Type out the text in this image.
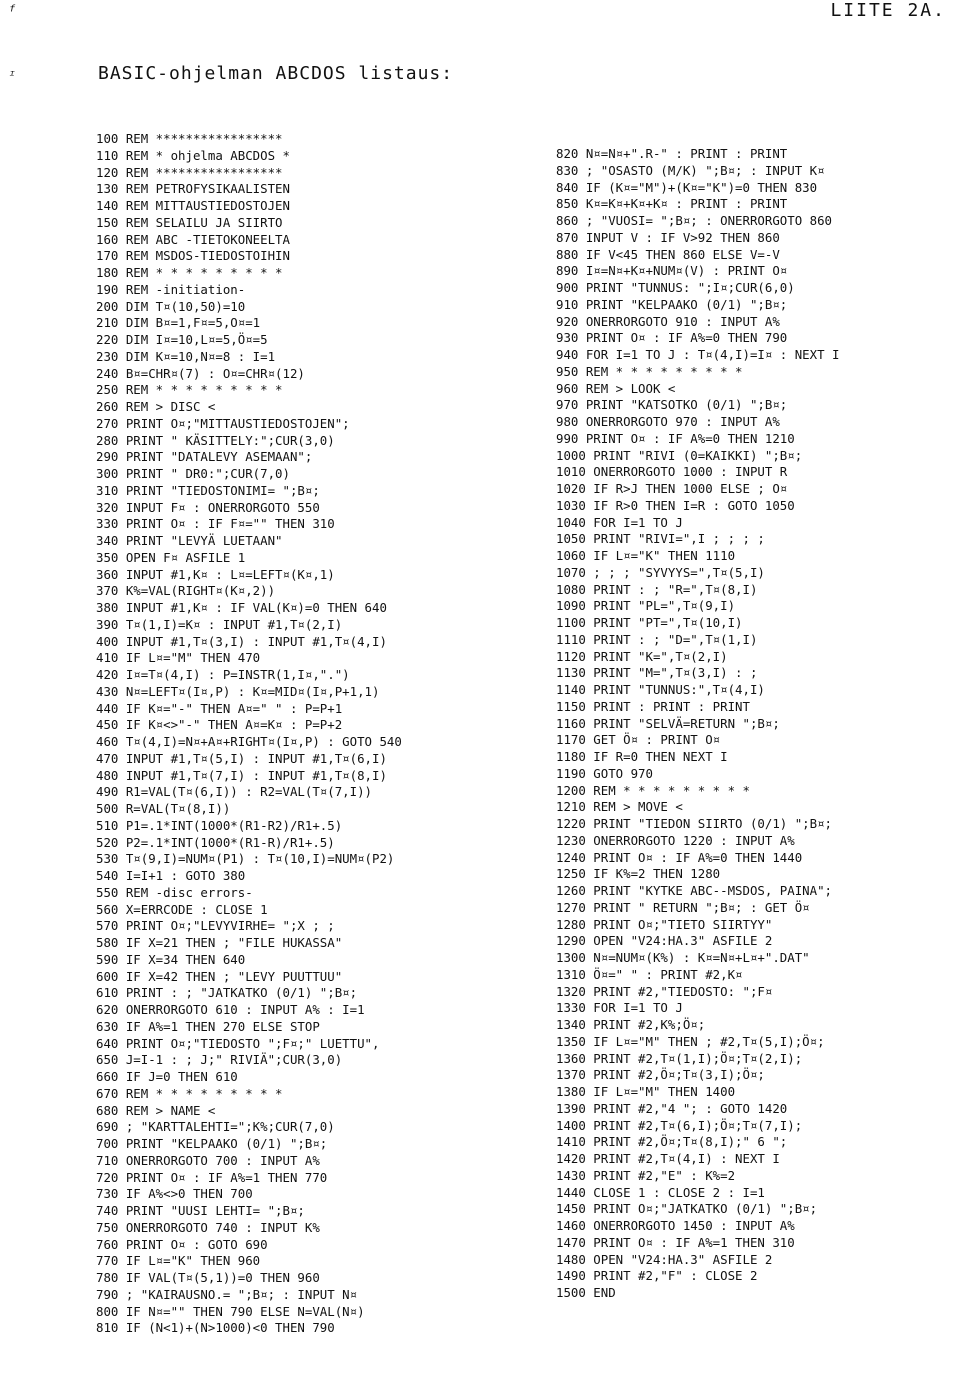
ᶠ	LIITE 2A.
ᶦ	BASIC-ohjelman ABCDOS listaus:
100 REM *****************
110 REM * ohjelma ABCDOS *
120 REM *****************
130 REM PETROFYSIKAALISTEN
140 REM MITTAUSTIEDOSTOJEN
150 REM SELAILU JA SIIRTO
160 REM ABC -TIETOKONEELTA
170 REM MSDOS-TIEDOSTOIHIN
180 REM * * * * * * * * *
190 REM -initiation-
200 DIM T¤(10,50)=10
210 DIM B¤=1,F¤=5,O¤=1
220 DIM I¤=10,L¤=5,Ö¤=5
230 DIM K¤=10,N¤=8 : I=1
240 B¤=CHR¤(7) : O¤=CHR¤(12)
250 REM * * * * * * * * *
260 REM > DISC <
270 PRINT O¤;"MITTAUSTIEDOSTOJEN";
280 PRINT " KÄSITTELY:";CUR(3,0)
290 PRINT "DATALEVY ASEMAAN";
300 PRINT " DR0:";CUR(7,0)
310 PRINT "TIEDOSTONIMI= ";B¤;
320 INPUT F¤ : ONERRORGOTO 550
330 PRINT O¤ : IF F¤="" THEN 310
340 PRINT "LEVYÄ LUETAAN"
350 OPEN F¤ ASFILE 1
360 INPUT #1,K¤ : L¤=LEFT¤(K¤,1)
370 K%=VAL(RIGHT¤(K¤,2))
380 INPUT #1,K¤ : IF VAL(K¤)=0 THEN 640
390 T¤(1,I)=K¤ : INPUT #1,T¤(2,I)
400 INPUT #1,T¤(3,I) : INPUT #1,T¤(4,I)
410 IF L¤="M" THEN 470
420 I¤=T¤(4,I) : P=INSTR(1,I¤,".")
430 N¤=LEFT¤(I¤,P) : K¤=MID¤(I¤,P+1,1)
440 IF K¤="-" THEN A¤=" " : P=P+1
450 IF K¤<>"-" THEN A¤=K¤ : P=P+2
460 T¤(4,I)=N¤+A¤+RIGHT¤(I¤,P) : GOTO 540
470 INPUT #1,T¤(5,I) : INPUT #1,T¤(6,I)
480 INPUT #1,T¤(7,I) : INPUT #1,T¤(8,I)
490 R1=VAL(T¤(6,I)) : R2=VAL(T¤(7,I))
500 R=VAL(T¤(8,I))
510 P1=.1*INT(1000*(R1-R2)/R1+.5)
520 P2=.1*INT(1000*(R1-R)/R1+.5)
530 T¤(9,I)=NUM¤(P1) : T¤(10,I)=NUM¤(P2)
540 I=I+1 : GOTO 380
550 REM -disc errors-
560 X=ERRCODE : CLOSE 1
570 PRINT O¤;"LEVYVIRHE= ";X ; ;
580 IF X=21 THEN ; "FILE HUKASSA"
590 IF X=34 THEN 640
600 IF X=42 THEN ; "LEVY PUUTTUU"
610 PRINT : ; "JATKATKO (0/1) ";B¤;
620 ONERRORGOTO 610 : INPUT A% : I=1
630 IF A%=1 THEN 270 ELSE STOP
640 PRINT O¤;"TIEDOSTO ";F¤;" LUETTU",
650 J=I-1 : ; J;" RIVIÄ";CUR(3,0)
660 IF J=0 THEN 610
670 REM * * * * * * * * *
680 REM > NAME <
690 ; "KARTTALEHTI=";K%;CUR(7,0)
700 PRINT "KELPAAKO (0/1) ";B¤;
710 ONERRORGOTO 700 : INPUT A%
720 PRINT O¤ : IF A%=1 THEN 770
730 IF A%<>0 THEN 700
740 PRINT "UUSI LEHTI= ";B¤;
750 ONERRORGOTO 740 : INPUT K%
760 PRINT O¤ : GOTO 690
770 IF L¤="K" THEN 960
780 IF VAL(T¤(5,1))=0 THEN 960
790 ; "KAIRAUSNO.= ";B¤; : INPUT N¤
800 IF N¤="" THEN 790 ELSE N=VAL(N¤)
810 IF (N<1)+(N>1000)<0 THEN 790
820 N¤=N¤+".R-" : PRINT : PRINT
830 ; "OSASTO (M/K) ";B¤; : INPUT K¤
840 IF (K¤="M")+(K¤="K")=0 THEN 830
850 K¤=K¤+K¤+K¤ : PRINT : PRINT
860 ; "VUOSI= ";B¤; : ONERRORGOTO 860
870 INPUT V : IF V>92 THEN 860
880 IF V<45 THEN 860 ELSE V=-V
890 I¤=N¤+K¤+NUM¤(V) : PRINT O¤
900 PRINT "TUNNUS: ";I¤;CUR(6,0)
910 PRINT "KELPAAKO (0/1) ";B¤;
920 ONERRORGOTO 910 : INPUT A%
930 PRINT O¤ : IF A%=0 THEN 790
940 FOR I=1 TO J : T¤(4,I)=I¤ : NEXT I
950 REM * * * * * * * * *
960 REM > LOOK <
970 PRINT "KATSOTKO (0/1) ";B¤;
980 ONERRORGOTO 970 : INPUT A%
990 PRINT O¤ : IF A%=0 THEN 1210
1000 PRINT "RIVI (0=KAIKKI) ";B¤;
1010 ONERRORGOTO 1000 : INPUT R
1020 IF R>J THEN 1000 ELSE ; O¤
1030 IF R>0 THEN I=R : GOTO 1050
1040 FOR I=1 TO J
1050 PRINT "RIVI=",I ; ; ; ;
1060 IF L¤="K" THEN 1110
1070 ; ; ; "SYVYYS=",T¤(5,I)
1080 PRINT : ; "R=",T¤(8,I)
1090 PRINT "PL=",T¤(9,I)
1100 PRINT "PT=",T¤(10,I)
1110 PRINT : ; "D=",T¤(1,I)
1120 PRINT "K=",T¤(2,I)
1130 PRINT "M=",T¤(3,I) : ;
1140 PRINT "TUNNUS:",T¤(4,I)
1150 PRINT : PRINT : PRINT
1160 PRINT "SELVÄ=RETURN ";B¤;
1170 GET Ö¤ : PRINT O¤
1180 IF R=0 THEN NEXT I
1190 GOTO 970
1200 REM * * * * * * * * *
1210 REM > MOVE <
1220 PRINT "TIEDON SIIRTO (0/1) ";B¤;
1230 ONERRORGOTO 1220 : INPUT A%
1240 PRINT O¤ : IF A%=0 THEN 1440
1250 IF K%=2 THEN 1280
1260 PRINT "KYTKE ABC--MSDOS, PAINA";
1270 PRINT " RETURN ";B¤; : GET Ö¤
1280 PRINT O¤;"TIETO SIIRTYY"
1290 OPEN "V24:HA.3" ASFILE 2
1300 N¤=NUM¤(K%) : K¤=N¤+L¤+".DAT"
1310 Ö¤=" " : PRINT #2,K¤
1320 PRINT #2,"TIEDOSTO: ";F¤
1330 FOR I=1 TO J
1340 PRINT #2,K%;Ö¤;
1350 IF L¤="M" THEN ; #2,T¤(5,I);Ö¤;
1360 PRINT #2,T¤(1,I);Ö¤;T¤(2,I);
1370 PRINT #2,Ö¤;T¤(3,I);Ö¤;
1380 IF L¤="M" THEN 1400
1390 PRINT #2,"4 "; : GOTO 1420
1400 PRINT #2,T¤(6,I);Ö¤;T¤(7,I);
1410 PRINT #2,Ö¤;T¤(8,I);" 6 ";
1420 PRINT #2,T¤(4,I) : NEXT I
1430 PRINT #2,"E" : K%=2
1440 CLOSE 1 : CLOSE 2 : I=1
1450 PRINT O¤;"JATKATKO (0/1) ";B¤;
1460 ONERRORGOTO 1450 : INPUT A%
1470 PRINT O¤ : IF A%=1 THEN 310
1480 OPEN "V24:HA.3" ASFILE 2
1490 PRINT #2,"F" : CLOSE 2
1500 END
